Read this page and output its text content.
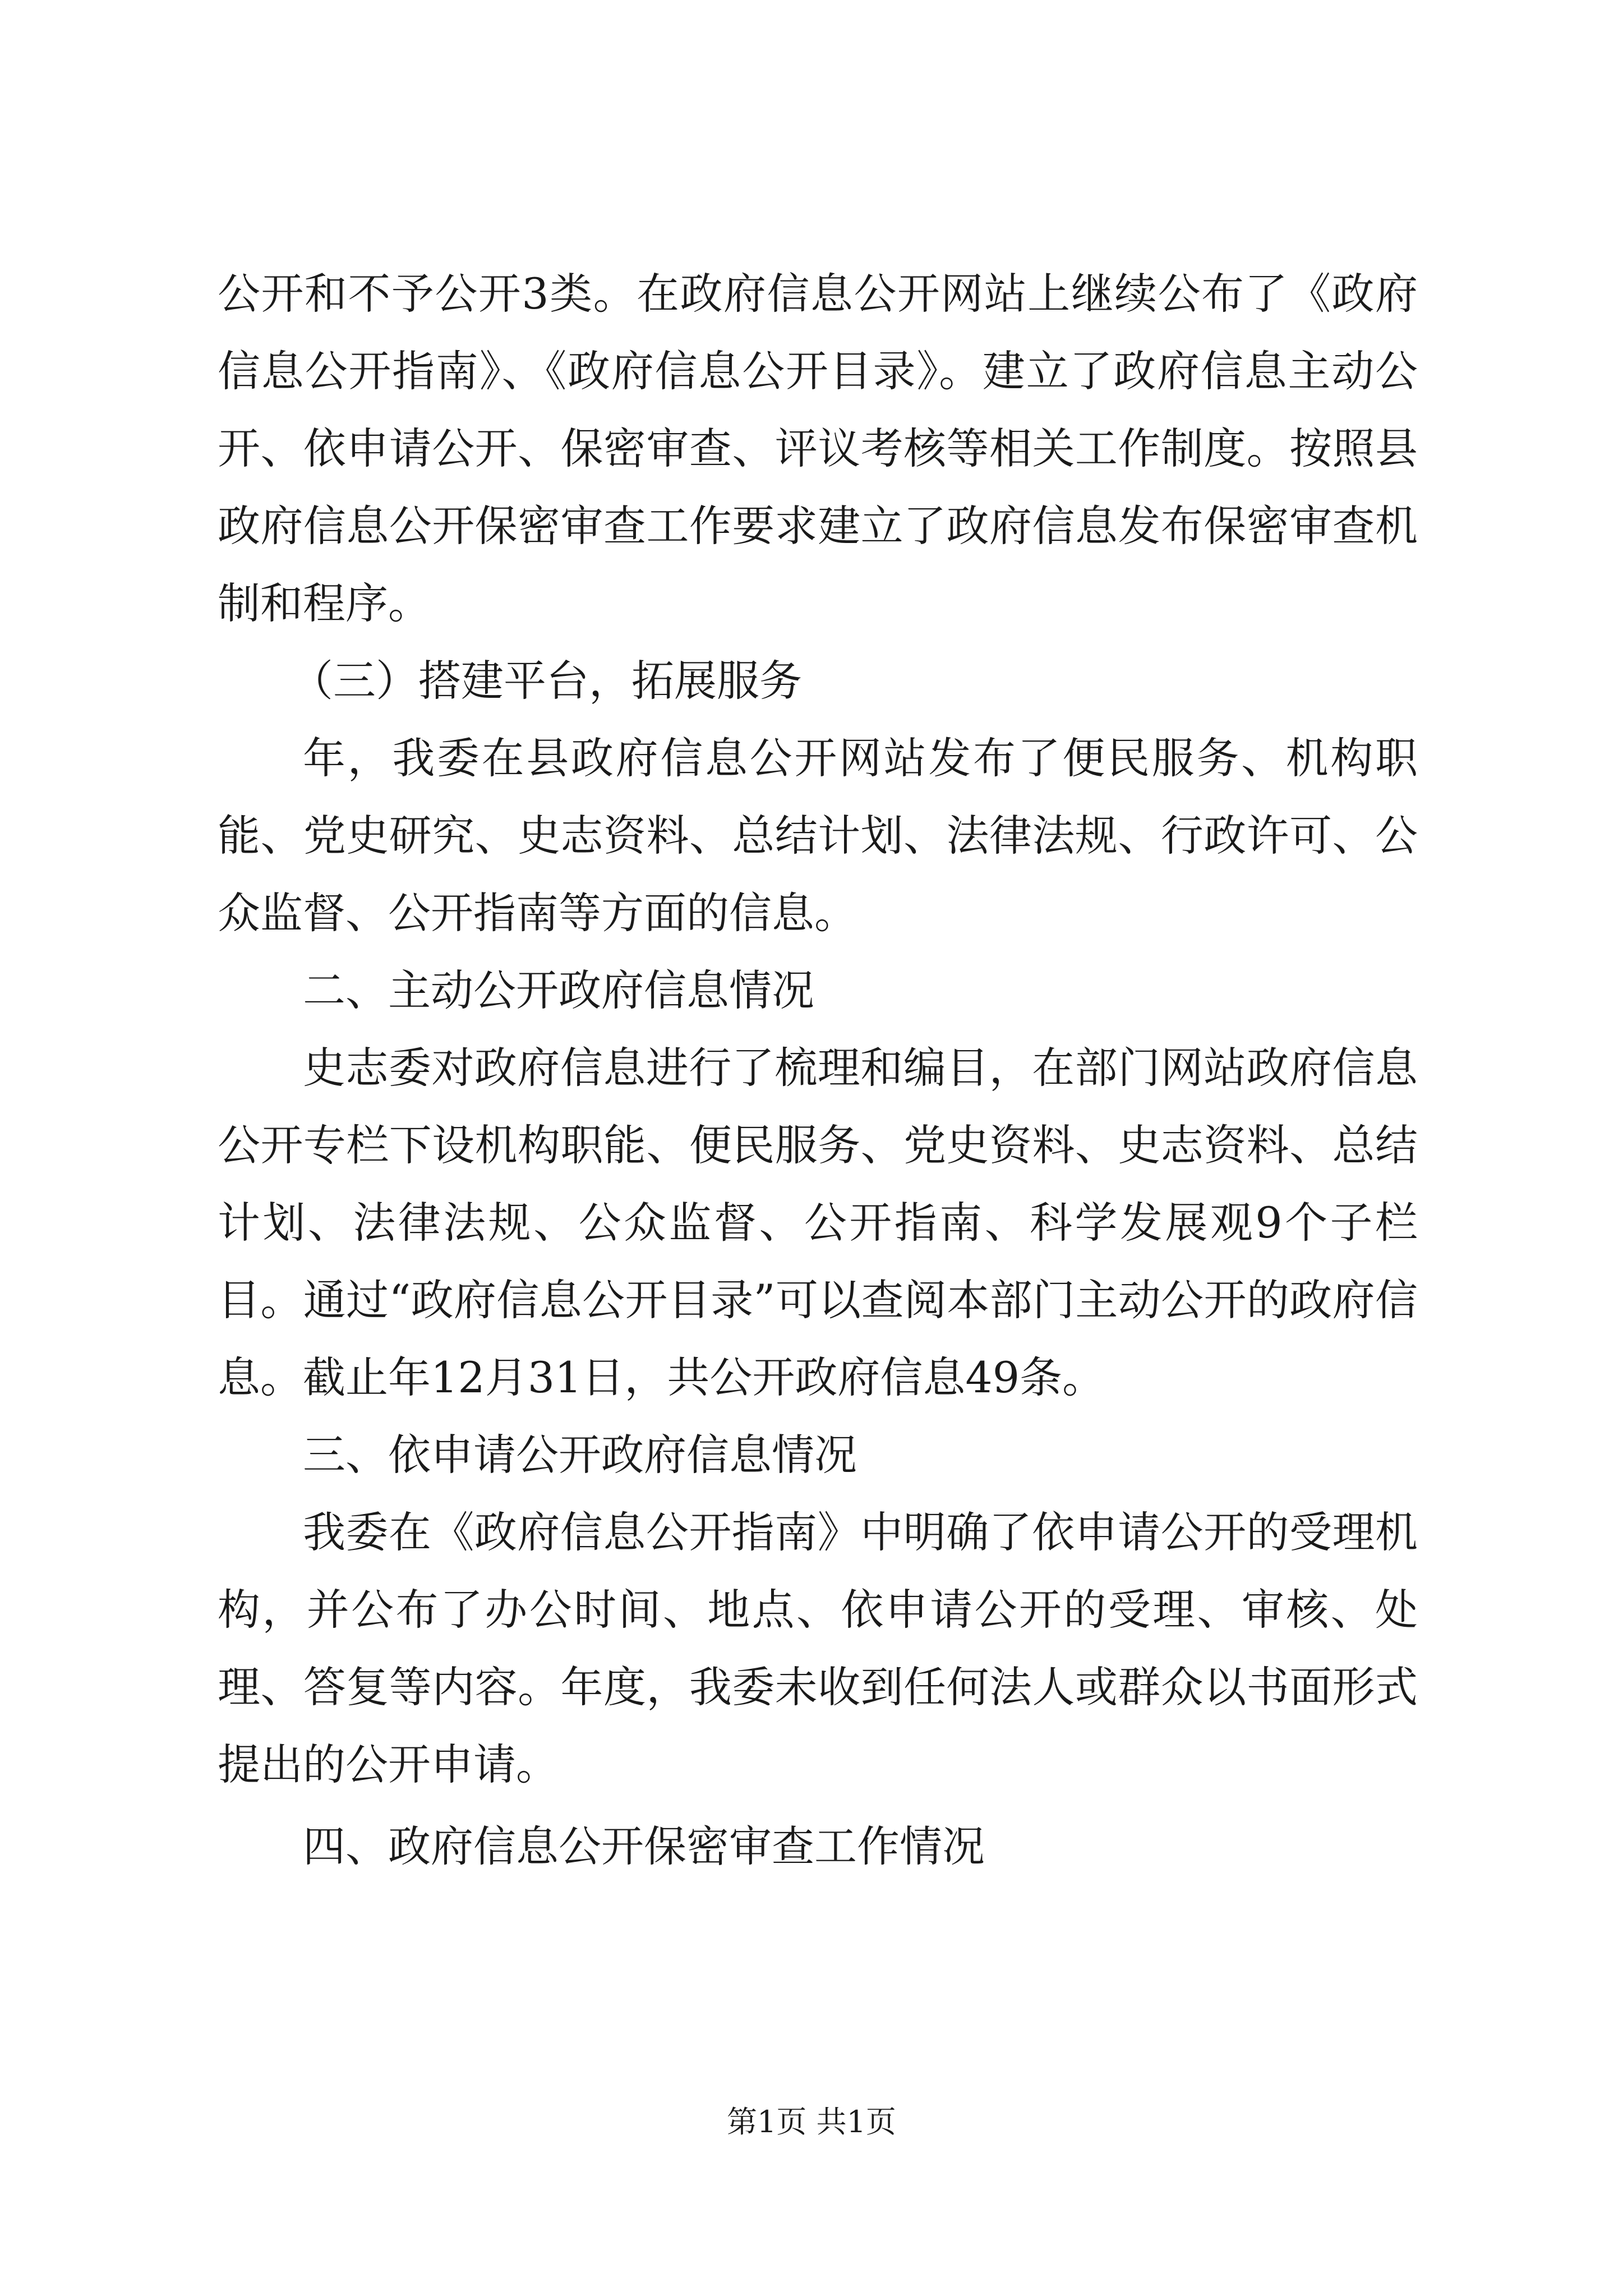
公开和不予公开3类。在政府信息公开网站上继续公布了《政府信息公开指南》、《政府信息公开目录》。建立了政府信息主动公开、依申请公开、保密审查、评议考核等相关工作制度。按照县政府信息公开保密审查工作要求建立了政府信息发布保密审查机制和程序。

（三）搭建平台，拓展服务

年，我委在县政府信息公开网站发布了便民服务、机构职能、党史研究、史志资料、总结计划、法律法规、行政许可、公众监督、公开指南等方面的信息。

二、主动公开政府信息情况

史志委对政府信息进行了梳理和编目，在部门网站政府信息公开专栏下设机构职能、便民服务、党史资料、史志资料、总结计划、法律法规、公众监督、公开指南、科学发展观9个子栏目。通过“政府信息公开目录”可以查阅本部门主动公开的政府信息。截止年12月31日，共公开政府信息49条。

三、依申请公开政府信息情况

我委在《政府信息公开指南》中明确了依申请公开的受理机构，并公布了办公时间、地点、依申请公开的受理、审核、处理、答复等内容。年度，我委未收到任何法人或群众以书面形式提出的公开申请。

四、政府信息公开保密审查工作情况

第1页 共1页
